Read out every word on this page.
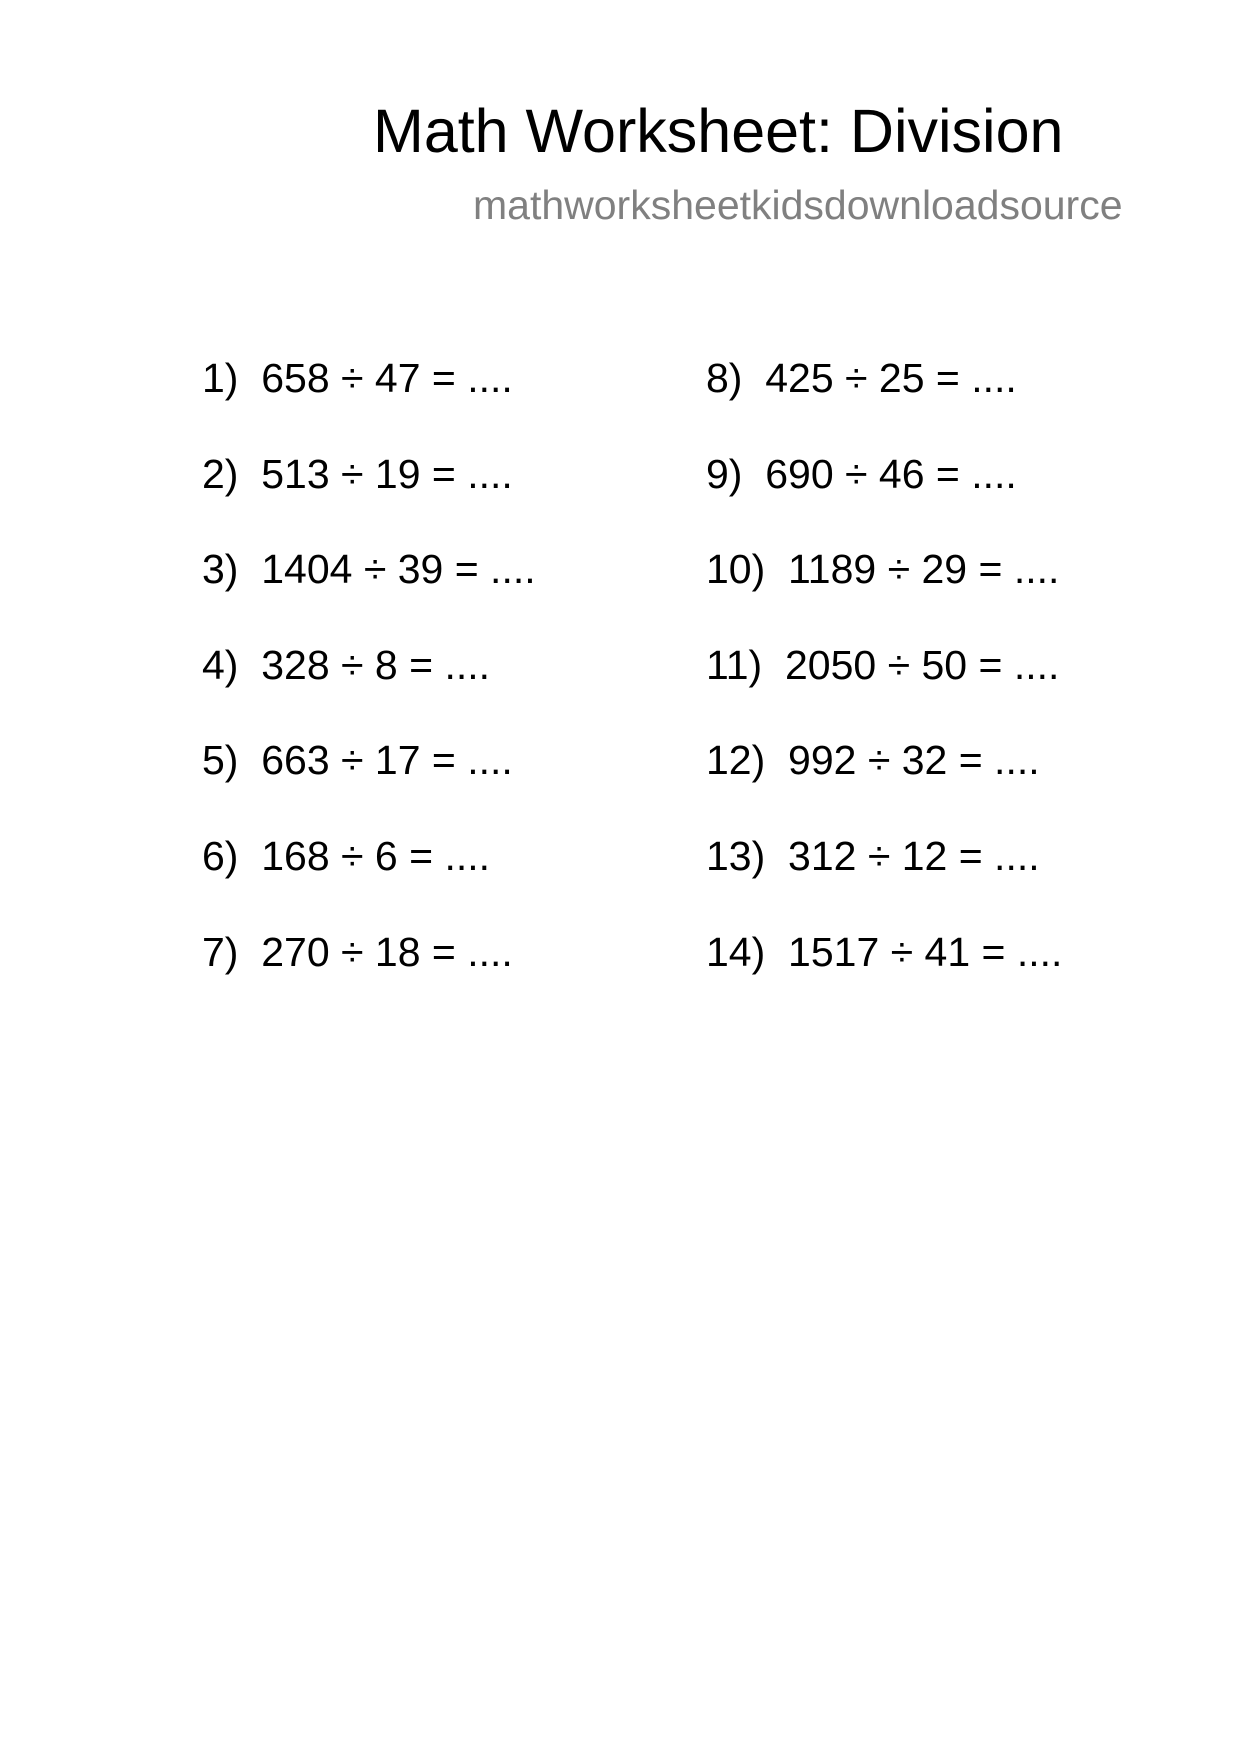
Math Worksheet: Division
mathworksheetkidsdownloadsource
1)  658 ÷ 47 = ....
2)  513 ÷ 19 = ....
3)  1404 ÷ 39 = ....
4)  328 ÷ 8 = ....
5)  663 ÷ 17 = ....
6)  168 ÷ 6 = ....
7)  270 ÷ 18 = ....
8)  425 ÷ 25 = ....
9)  690 ÷ 46 = ....
10)  1189 ÷ 29 = ....
11)  2050 ÷ 50 = ....
12)  992 ÷ 32 = ....
13)  312 ÷ 12 = ....
14)  1517 ÷ 41 = ....
